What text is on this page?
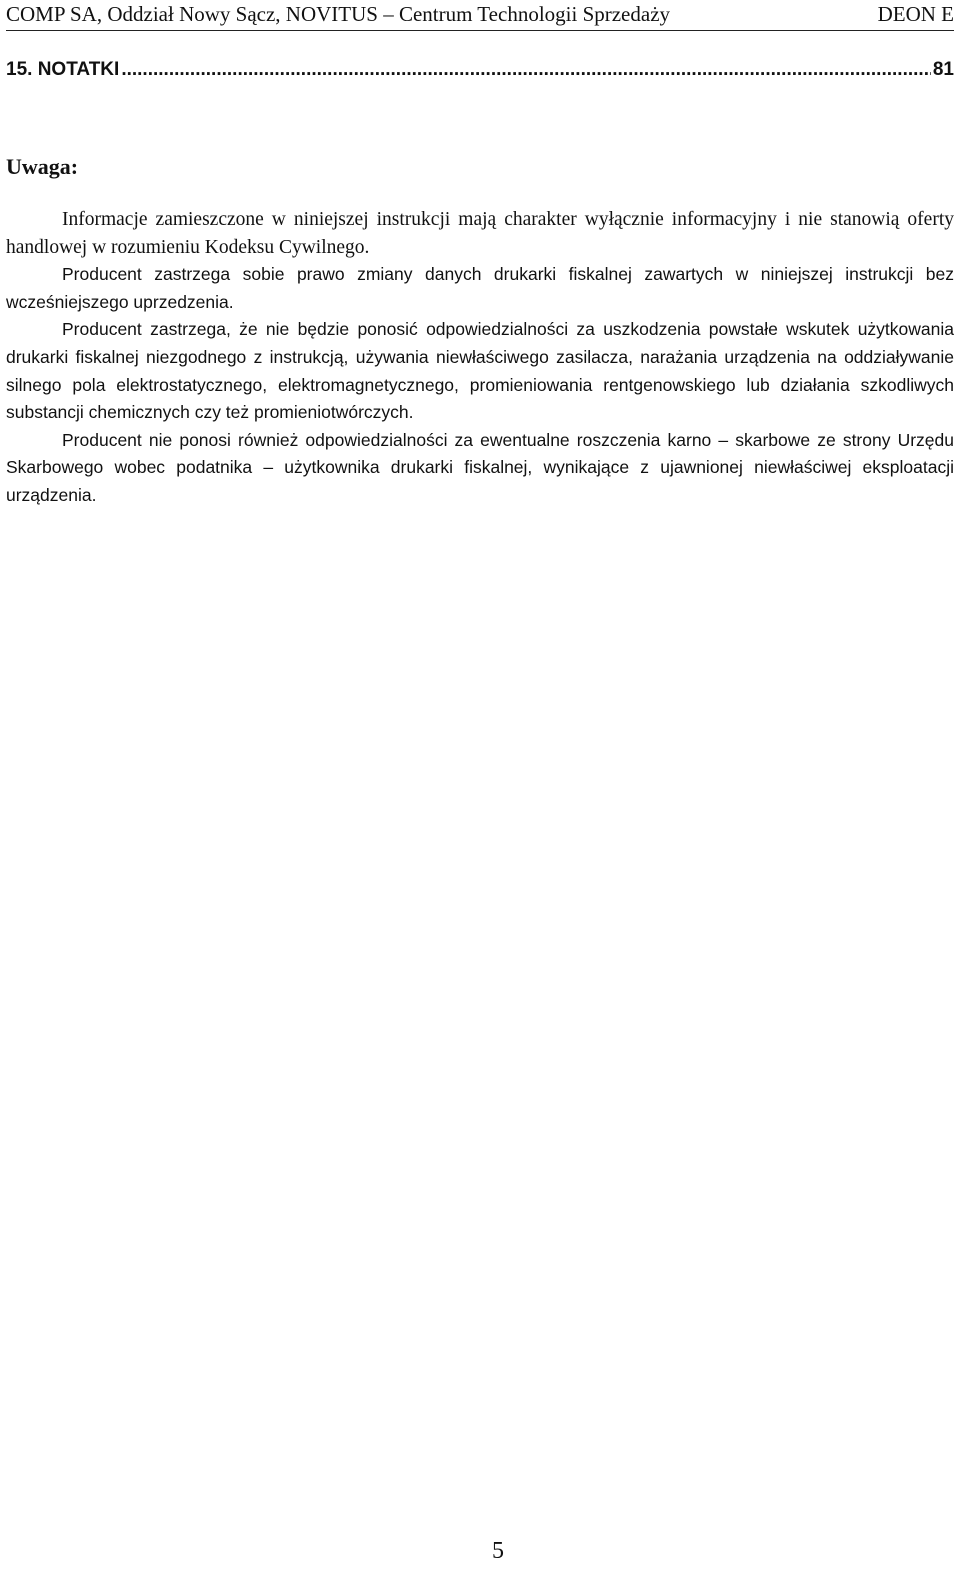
COMP SA, Oddział Nowy Sącz, NOVITUS – Centrum Technologii Sprzedaży	DEON E
15. NOTATKI
.....	81
Uwaga:

Informacje zamieszczone w niniejszej instrukcji mają charakter wyłącznie informacyjny i nie stanowią oferty handlowej w rozumieniu Kodeksu Cywilnego.

Producent zastrzega sobie prawo zmiany danych drukarki fiskalnej zawartych w niniejszej instrukcji bez wcześniejszego uprzedzenia.

Producent zastrzega, że nie będzie ponosić odpowiedzialności za uszkodzenia powstałe wskutek użytkowania drukarki fiskalnej niezgodnego z instrukcją, używania niewłaściwego zasilacza, narażania urządzenia na oddziaływanie silnego pola elektrostatycznego, elektromagnetycznego, promieniowania rentgenowskiego lub działania szkodliwych substancji chemicznych czy też promieniotwórczych.

Producent nie ponosi również odpowiedzialności za ewentualne roszczenia karno – skarbowe ze strony Urzędu Skarbowego wobec podatnika – użytkownika drukarki fiskalnej, wynikające z ujawnionej niewłaściwej eksploatacji urządzenia.

5
